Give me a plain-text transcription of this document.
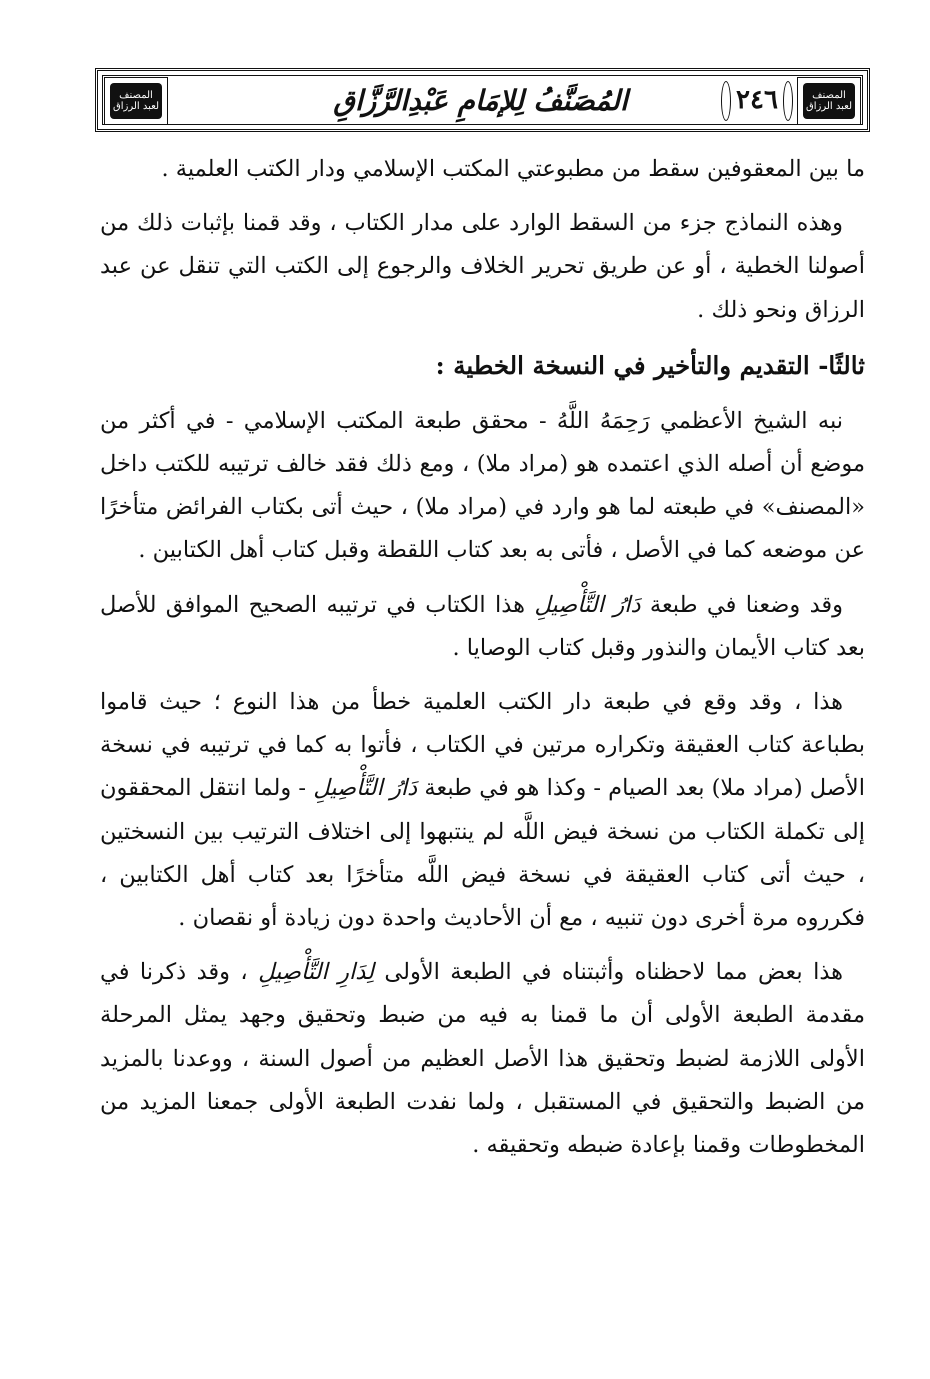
المصنف لعبد الرزاق	المُصَنَّفُ لِلإمَامِ عَبْدِالرَّزَّاقِ	٢٤٦	المصنف لعبد الرزاق

ما بين المعقوفين سقط من مطبوعتي المكتب الإسلامي ودار الكتب العلمية .

وهذه النماذج جزء من السقط الوارد على مدار الكتاب ، وقد قمنا بإثبات ذلك من أصولنا الخطية ، أو عن طريق تحرير الخلاف والرجوع إلى الكتب التي تنقل عن عبد الرزاق ونحو ذلك .

ثالثًا- التقديم والتأخير في النسخة الخطية :

نبه الشيخ الأعظمي رَحِمَهُ اللَّهُ - محقق طبعة المكتب الإسلامي - في أكثر من موضع أن أصله الذي اعتمده هو (مراد ملا) ، ومع ذلك فقد خالف ترتيبه للكتب داخل «المصنف» في طبعته لما هو وارد في (مراد ملا) ، حيث أتى بكتاب الفرائض متأخرًا عن موضعه كما في الأصل ، فأتى به بعد كتاب اللقطة وقبل كتاب أهل الكتابين .

وقد وضعنا في طبعة دَارُ التَّأْصِيلِ هذا الكتاب في ترتيبه الصحيح الموافق للأصل بعد كتاب الأيمان والنذور وقبل كتاب الوصايا .

هذا ، وقد وقع في طبعة دار الكتب العلمية خطأ من هذا النوع ؛ حيث قاموا بطباعة كتاب العقيقة وتكراره مرتين في الكتاب ، فأتوا به كما في ترتيبه في نسخة الأصل (مراد ملا) بعد الصيام - وكذا هو في طبعة دَارُ التَّأْصِيلِ - ولما انتقل المحققون إلى تكملة الكتاب من نسخة فيض اللَّه لم ينتبهوا إلى اختلاف الترتيب بين النسختين ، حيث أتى كتاب العقيقة في نسخة فيض اللَّه متأخرًا بعد كتاب أهل الكتابين ، فكرروه مرة أخرى دون تنبيه ، مع أن الأحاديث واحدة دون زيادة أو نقصان .

هذا بعض مما لاحظناه وأثبتناه في الطبعة الأولى لِدَارِ التَّأْصِيلِ ، وقد ذكرنا في مقدمة الطبعة الأولى أن ما قمنا به فيه من ضبط وتحقيق وجهد يمثل المرحلة الأولى اللازمة لضبط وتحقيق هذا الأصل العظيم من أصول السنة ، ووعدنا بالمزيد من الضبط والتحقيق في المستقبل ، ولما نفدت الطبعة الأولى جمعنا المزيد من المخطوطات وقمنا بإعادة ضبطه وتحقيقه .
